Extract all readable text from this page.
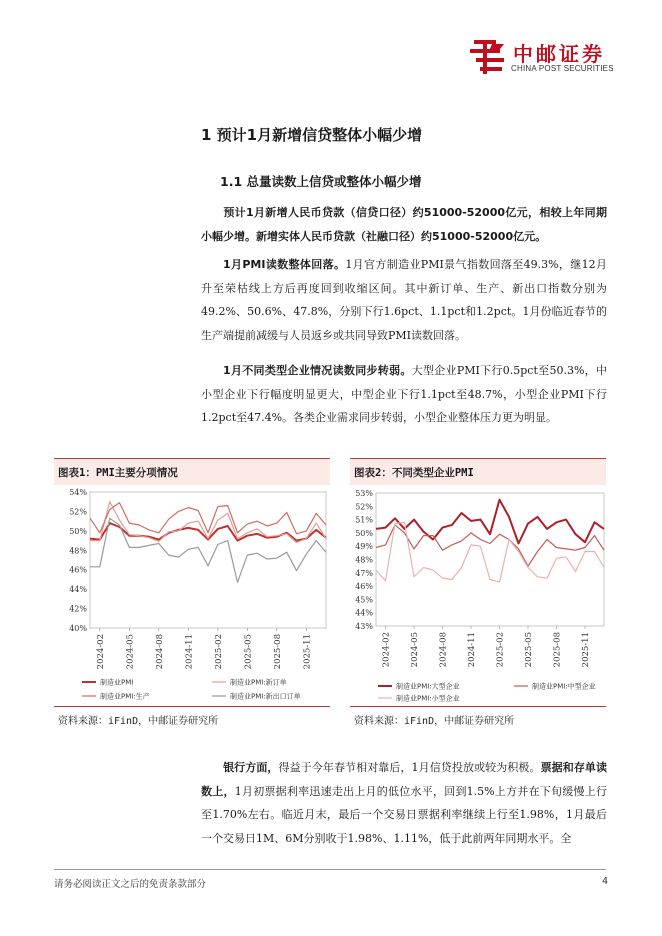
中邮证券
CHINA POST SECURITIES
1 预计1月新增信贷整体小幅少增
1.1 总量读数上信贷或整体小幅少增
预计1月新增人民币贷款（信贷口径）约51000-52000亿元，相较上年同期小幅少增。新增实体人民币贷款（社融口径）约51000-52000亿元。
1月PMI读数整体回落。1月官方制造业PMI景气指数回落至49.3%，继12月升至荣枯线上方后再度回到收缩区间。其中新订单、生产、新出口指数分别为49.2%、50.6%、47.8%，分别下行1.6pct、1.1pct和1.2pct。1月份临近春节的生产端提前减缓与人员返乡或共同导致PMI读数回落。
1月不同类型企业情况读数同步转弱。大型企业PMI下行0.5pct至50.3%，中小型企业下行幅度明显更大，中型企业下行1.1pct至48.7%，小型企业PMI下行1.2pct至47.4%。各类企业需求同步转弱，小型企业整体压力更为明显。
图表1：PMI主要分项情况	图表2：不同类型企业PMI
40%
42%
44%
46%
48%
50%
52%
54%
2024-02 2024-05 2024-08 2024-11 2025-02 2025-05 2025-08 2025-11
制造业PMI	制造业PMI:新订单
制造业PMI:生产	制造业PMI:新出口订单
43%
44%
45%
46%
47%
48%
49%
50%
51%
52%
53%
2024-02 2024-05 2024-08 2024-11 2025-02 2025-05 2025-08 2025-11
制造业PMI:大型企业	制造业PMI:中型企业
制造业PMI:小型企业
资料来源：iFinD，中邮证券研究所	资料来源：iFinD，中邮证券研究所
银行方面，得益于今年春节相对靠后，1月信贷投放或较为积极。票据和存单读数上，1月初票据利率迅速走出上月的低位水平，回到1.5%上方并在下旬缓慢上行至1.70%左右。临近月末，最后一个交易日票据利率继续上行至1.98%，1月最后一个交易日1M、6M分别收于1.98%、1.11%，低于此前两年同期水平。全
请务必阅读正文之后的免责条款部分	4
